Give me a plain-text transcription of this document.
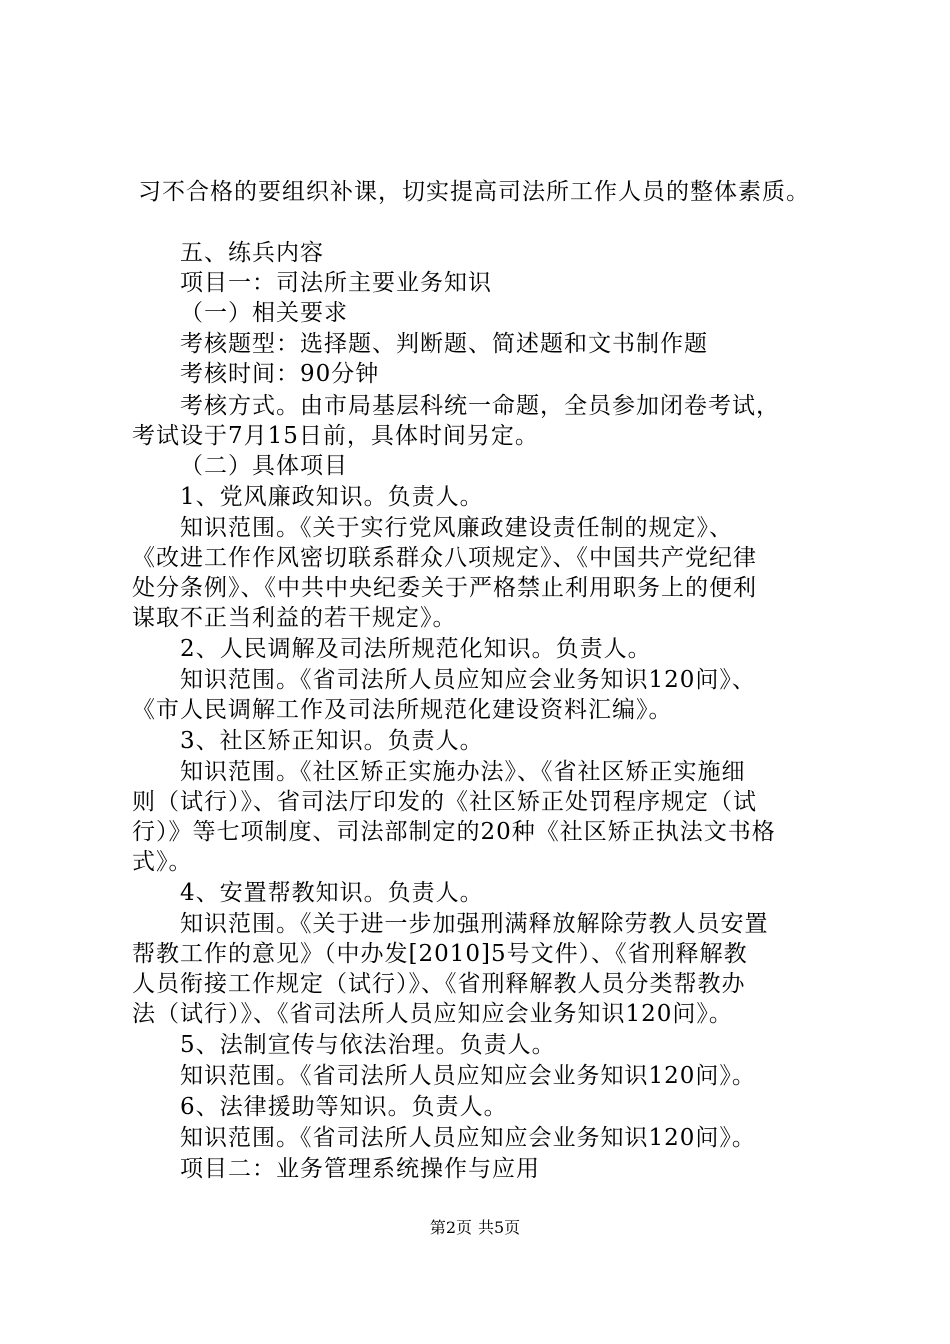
习不合格的要组织补课，切实提高司法所工作人员的整体素质。
五、练兵内容
项目一：司法所主要业务知识
（一）相关要求
考核题型：选择题、判断题、简述题和文书制作题
考核时间：90分钟
考核方式。由市局基层科统一命题，全员参加闭卷考试，
考试设于7月15日前，具体时间另定。
（二）具体项目
1、党风廉政知识。负责人。
知识范围。《关于实行党风廉政建设责任制的规定》、
《改进工作作风密切联系群众八项规定》、《中国共产党纪律
处分条例》、《中共中央纪委关于严格禁止利用职务上的便利
谋取不正当利益的若干规定》。
2、人民调解及司法所规范化知识。负责人。
知识范围。《省司法所人员应知应会业务知识120问》、
《市人民调解工作及司法所规范化建设资料汇编》。
3、社区矫正知识。负责人。
知识范围。《社区矫正实施办法》、《省社区矫正实施细
则（试行）》、省司法厅印发的《社区矫正处罚程序规定（试
行）》等七项制度、司法部制定的20种《社区矫正执法文书格
式》。
4、安置帮教知识。负责人。
知识范围。《关于进一步加强刑满释放解除劳教人员安置
帮教工作的意见》（中办发[2010]5号文件）、《省刑释解教
人员衔接工作规定（试行）》、《省刑释解教人员分类帮教办
法（试行）》、《省司法所人员应知应会业务知识120问》。
5、法制宣传与依法治理。负责人。
知识范围。《省司法所人员应知应会业务知识120问》。
6、法律援助等知识。负责人。
知识范围。《省司法所人员应知应会业务知识120问》。
项目二：业务管理系统操作与应用
第2页 共5页
